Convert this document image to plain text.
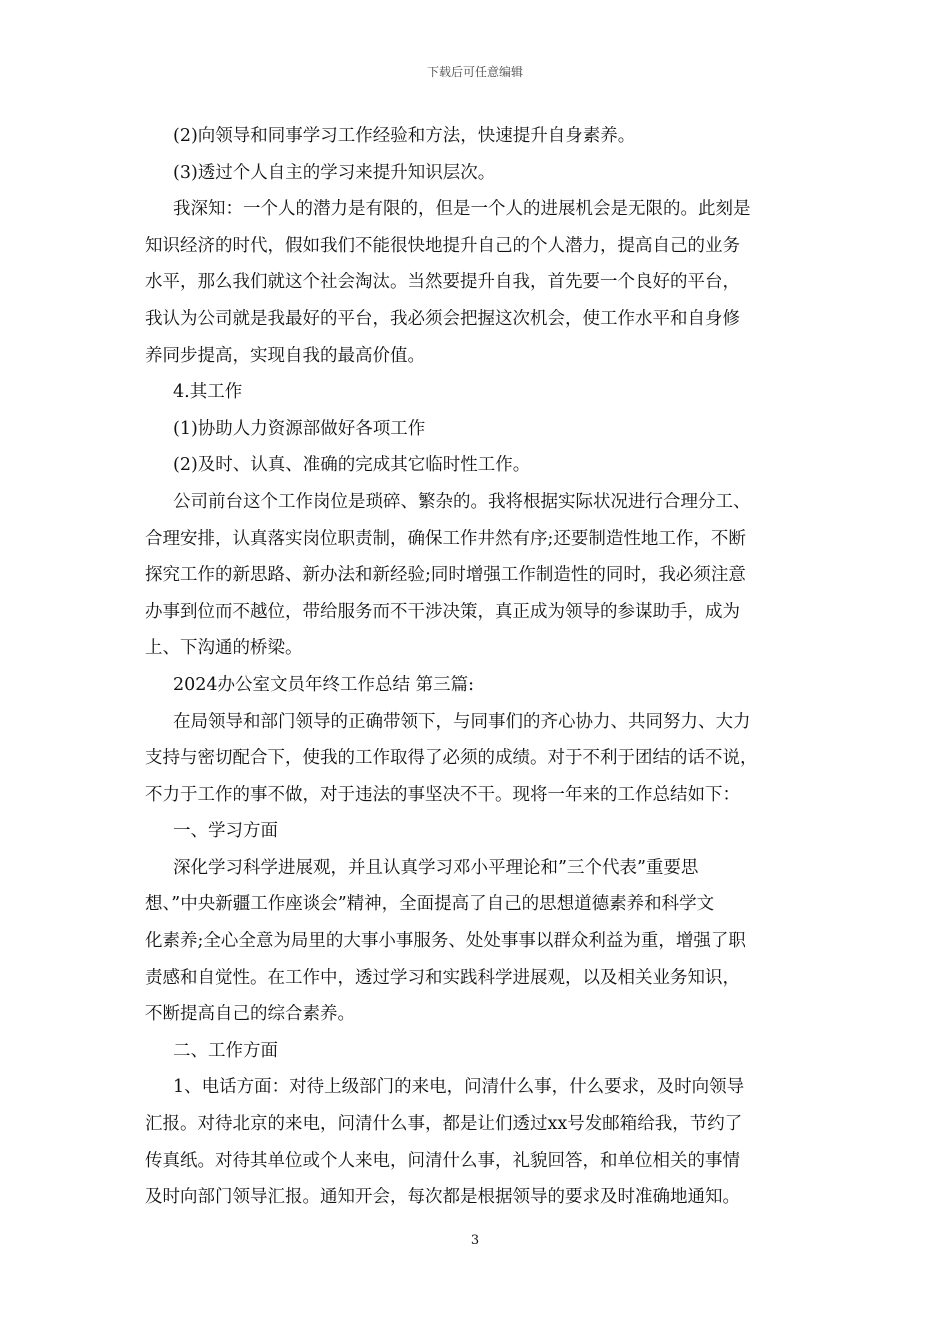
下载后可任意编辑
(2)向领导和同事学习工作经验和方法，快速提升自身素养。
(3)透过个人自主的学习来提升知识层次。
我深知：一个人的潜力是有限的，但是一个人的进展机会是无限的。此刻是
知识经济的时代，假如我们不能很快地提升自己的个人潜力，提高自己的业务
水平，那么我们就这个社会淘汰。当然要提升自我，首先要一个良好的平台，
我认为公司就是我最好的平台，我必须会把握这次机会，使工作水平和自身修
养同步提高，实现自我的最高价值。
4.其工作
(1)协助人力资源部做好各项工作
(2)及时、认真、准确的完成其它临时性工作。
公司前台这个工作岗位是琐碎、繁杂的。我将根据实际状况进行合理分工、
合理安排，认真落实岗位职责制，确保工作井然有序;还要制造性地工作，不断
探究工作的新思路、新办法和新经验;同时增强工作制造性的同时，我必须注意
办事到位而不越位，带给服务而不干涉决策，真正成为领导的参谋助手，成为
上、下沟通的桥梁。
2024办公室文员年终工作总结 第三篇:
在局领导和部门领导的正确带领下，与同事们的齐心协力、共同努力、大力
支持与密切配合下，使我的工作取得了必须的成绩。对于不利于团结的话不说，
不力于工作的事不做，对于违法的事坚决不干。现将一年来的工作总结如下：
一、学习方面
深化学习科学进展观，并且认真学习邓小平理论和”三个代表”重要思
想、”中央新疆工作座谈会”精神，全面提高了自己的思想道德素养和科学文
化素养;全心全意为局里的大事小事服务、处处事事以群众利益为重，增强了职
责感和自觉性。在工作中，透过学习和实践科学进展观，以及相关业务知识，
不断提高自己的综合素养。
二、工作方面
1、电话方面：对待上级部门的来电，问清什么事，什么要求，及时向领导
汇报。对待北京的来电，问清什么事，都是让们透过xx号发邮箱给我，节约了
传真纸。对待其单位或个人来电，问清什么事，礼貌回答，和单位相关的事情
及时向部门领导汇报。通知开会，每次都是根据领导的要求及时准确地通知。
3
